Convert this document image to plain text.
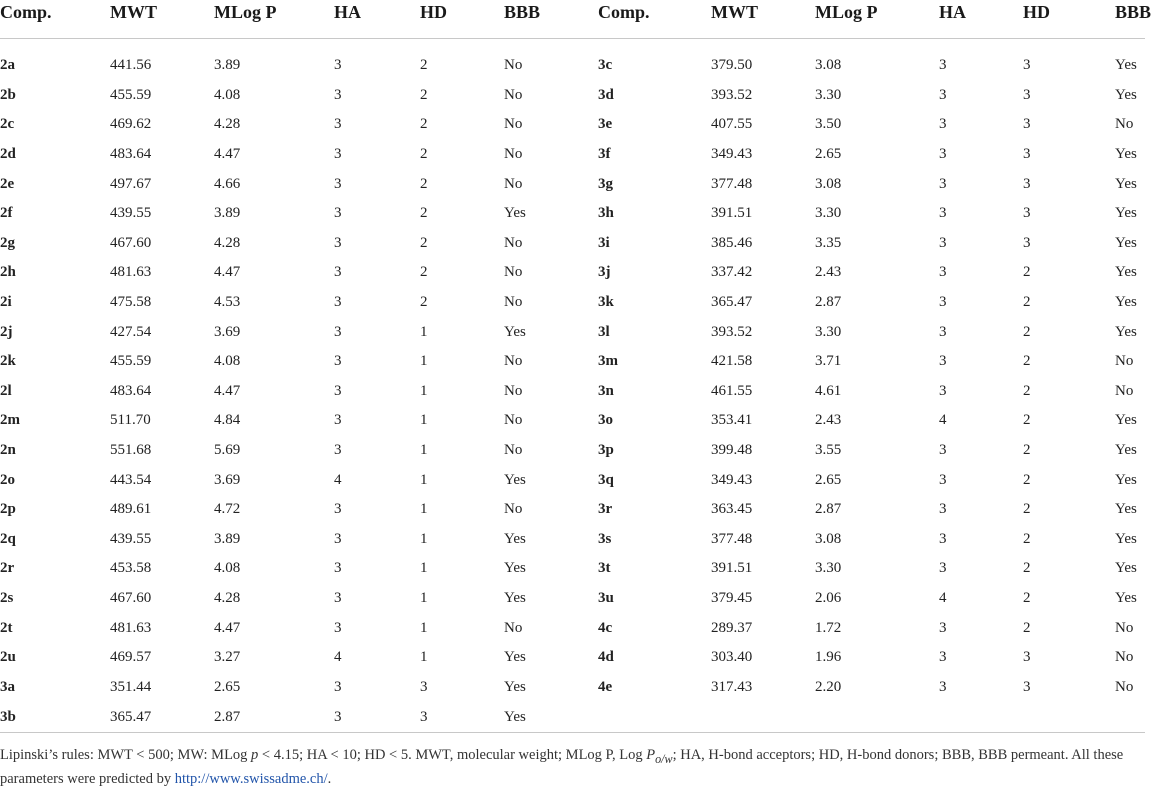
Comp.	MWT	MLog P	HA	HD	BBB	Comp.	MWT	MLog P	HA	HD	BBB

2a	441.56	3.89	3	2	No	3c	379.50	3.08	3	3	Yes
2b	455.59	4.08	3	2	No	3d	393.52	3.30	3	3	Yes
2c	469.62	4.28	3	2	No	3e	407.55	3.50	3	3	No
2d	483.64	4.47	3	2	No	3f	349.43	2.65	3	3	Yes
2e	497.67	4.66	3	2	No	3g	377.48	3.08	3	3	Yes
2f	439.55	3.89	3	2	Yes	3h	391.51	3.30	3	3	Yes
2g	467.60	4.28	3	2	No	3i	385.46	3.35	3	3	Yes
2h	481.63	4.47	3	2	No	3j	337.42	2.43	3	2	Yes
2i	475.58	4.53	3	2	No	3k	365.47	2.87	3	2	Yes
2j	427.54	3.69	3	1	Yes	3l	393.52	3.30	3	2	Yes
2k	455.59	4.08	3	1	No	3m	421.58	3.71	3	2	No
2l	483.64	4.47	3	1	No	3n	461.55	4.61	3	2	No
2m	511.70	4.84	3	1	No	3o	353.41	2.43	4	2	Yes
2n	551.68	5.69	3	1	No	3p	399.48	3.55	3	2	Yes
2o	443.54	3.69	4	1	Yes	3q	349.43	2.65	3	2	Yes
2p	489.61	4.72	3	1	No	3r	363.45	2.87	3	2	Yes
2q	439.55	3.89	3	1	Yes	3s	377.48	3.08	3	2	Yes
2r	453.58	4.08	3	1	Yes	3t	391.51	3.30	3	2	Yes
2s	467.60	4.28	3	1	Yes	3u	379.45	2.06	4	2	Yes
2t	481.63	4.47	3	1	No	4c	289.37	1.72	3	2	No
2u	469.57	3.27	4	1	Yes	4d	303.40	1.96	3	3	No
3a	351.44	2.65	3	3	Yes	4e	317.43	2.20	3	3	No
3b	365.47	2.87	3	3	Yes						
Lipinski’s rules: MWT < 500; MW: MLog p < 4.15; HA < 10; HD < 5. MWT, molecular weight; MLog P, Log $P_{o/w}$; HA, H-bond acceptors; HD, H-bond donors; BBB, BBB permeant. All these parameters were predicted by http://www.swissadme.ch/.											
